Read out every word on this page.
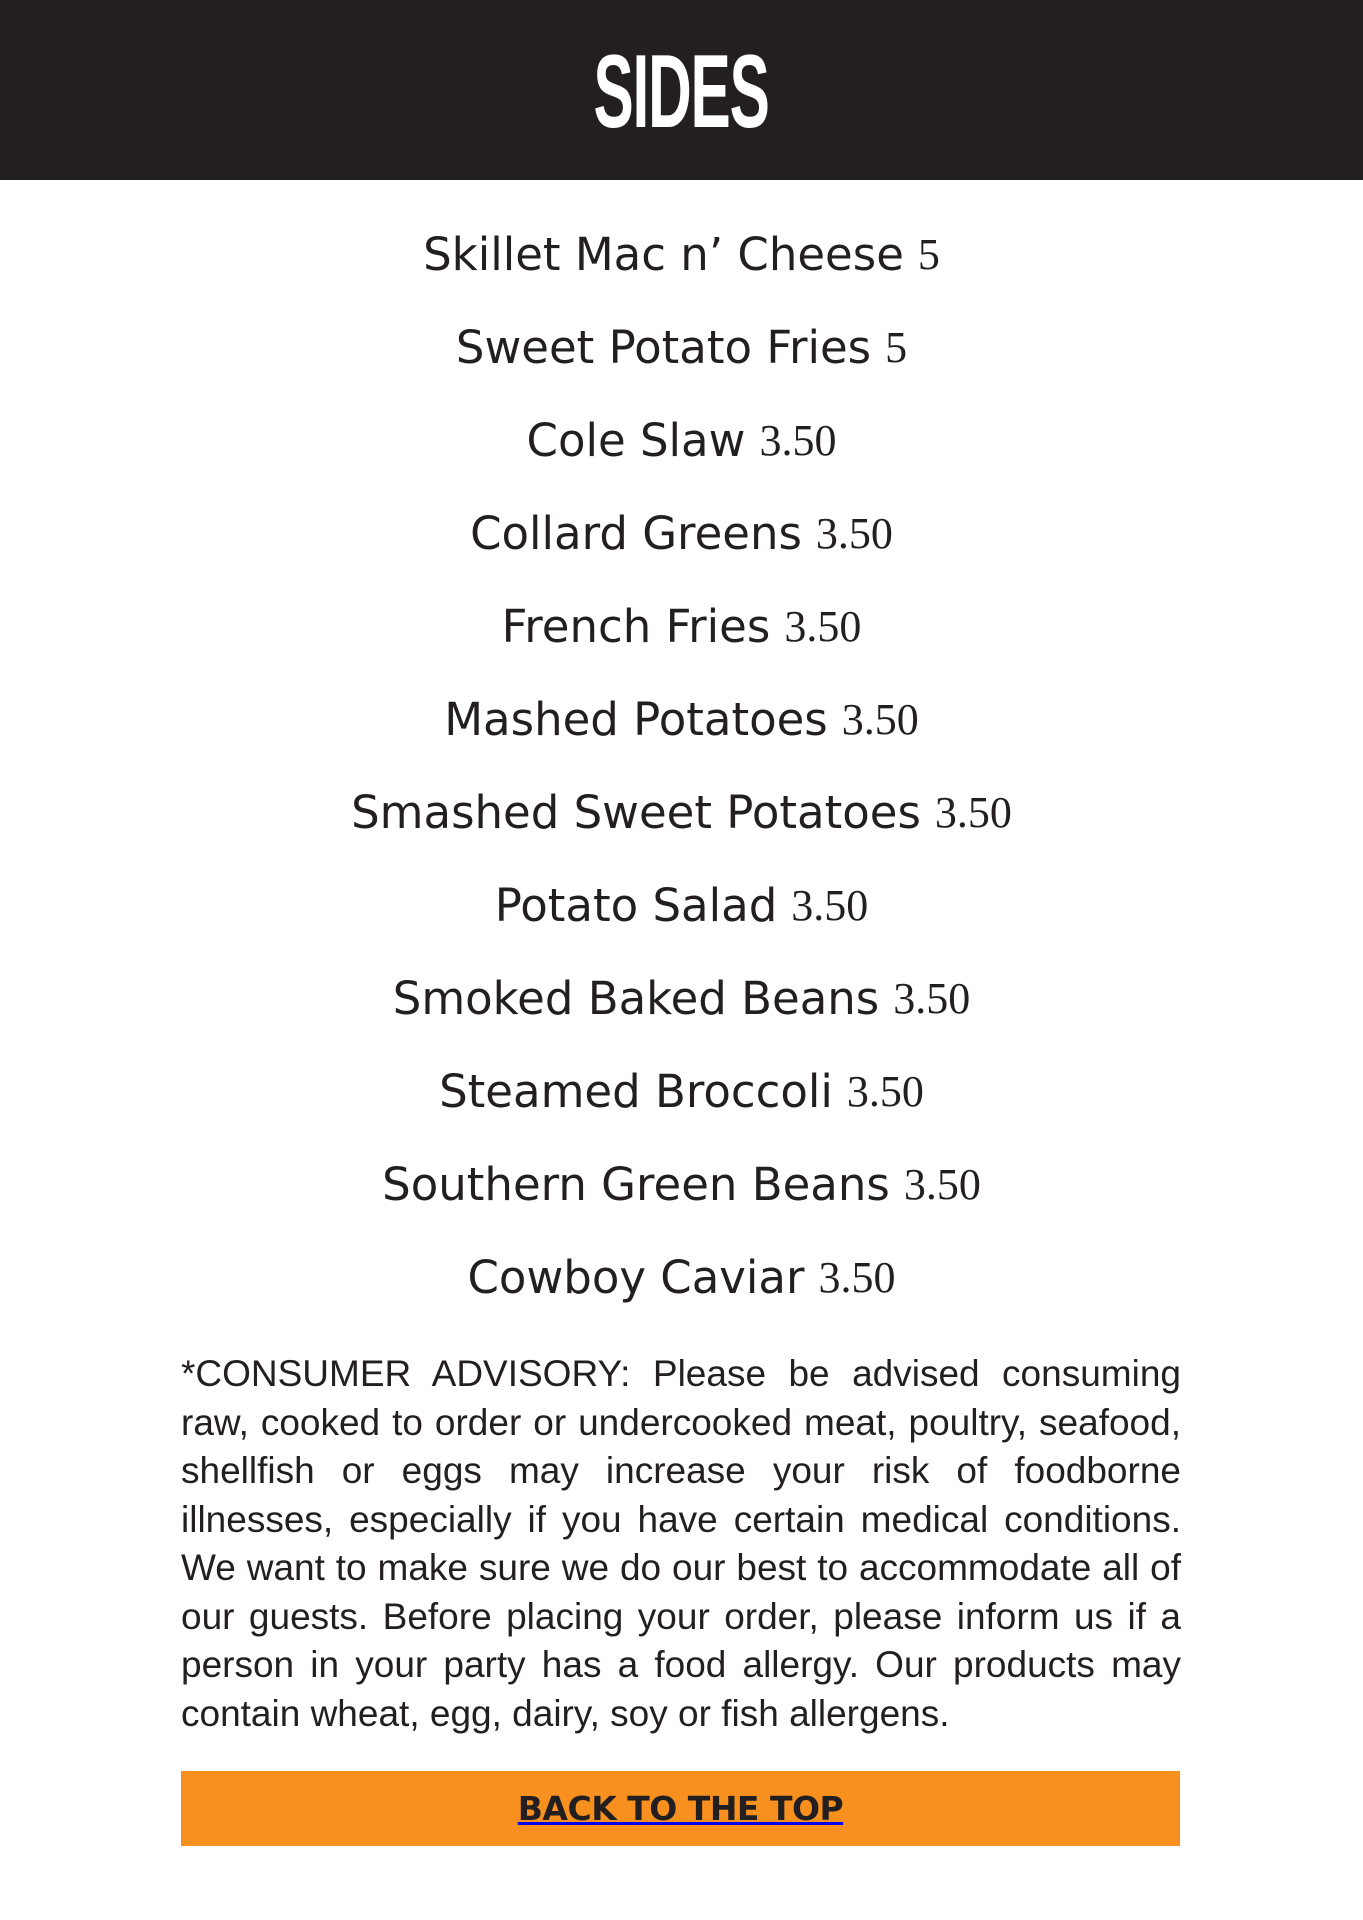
SIDES
Skillet Mac n’ Cheese 5
Sweet Potato Fries 5
Cole Slaw 3.50
Collard Greens 3.50
French Fries 3.50
Mashed Potatoes 3.50
Smashed Sweet Potatoes 3.50
Potato Salad 3.50
Smoked Baked Beans 3.50
Steamed Broccoli 3.50
Southern Green Beans 3.50
Cowboy Caviar 3.50

*CONSUMER ADVISORY: Please be advised consuming raw, cooked to order or undercooked meat, poultry, seafood, shellfish or eggs may increase your risk of foodborne illnesses, especially if you have certain medical conditions. We want to make sure we do our best to accommodate all of our guests. Before placing your order, please inform us if a person in your party has a food allergy. Our products may contain wheat, egg, dairy, soy or fish allergens.

BACK TO THE TOP
